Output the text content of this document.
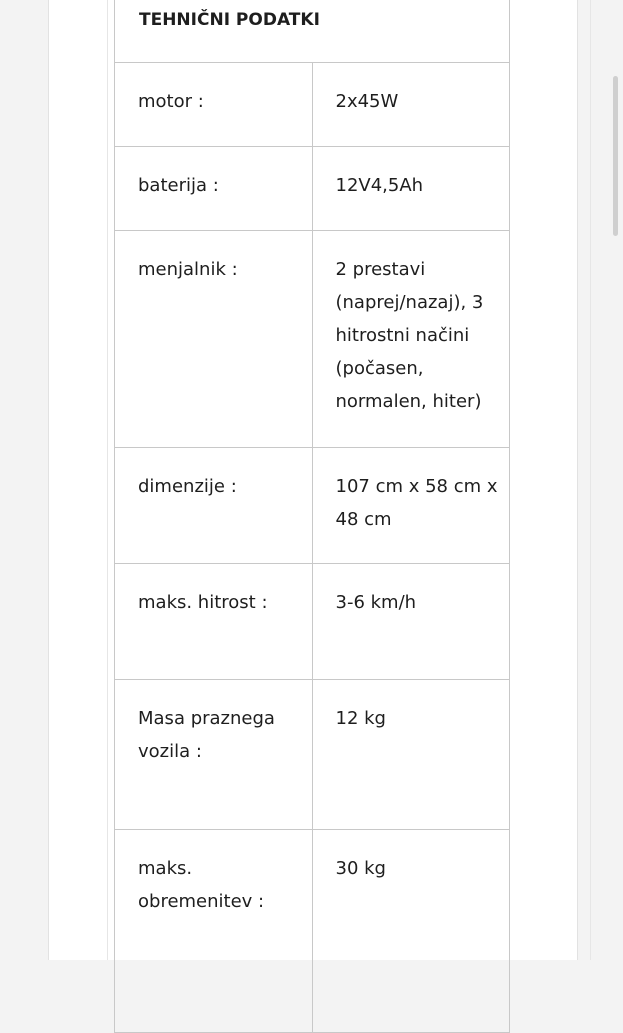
TEHNIČNI PODATKI	
motor :	2x45W
baterija :	12V4,5Ah
menjalnik :	2 prestavi (naprej/nazaj), 3 hitrostni načini (počasen, normalen, hiter)
dimenzije :	107 cm x 58 cm x 48 cm
maks. hitrost :	3-6 km/h
Masa praznega vozila :	12 kg
maks. obremenitev :	30 kg
